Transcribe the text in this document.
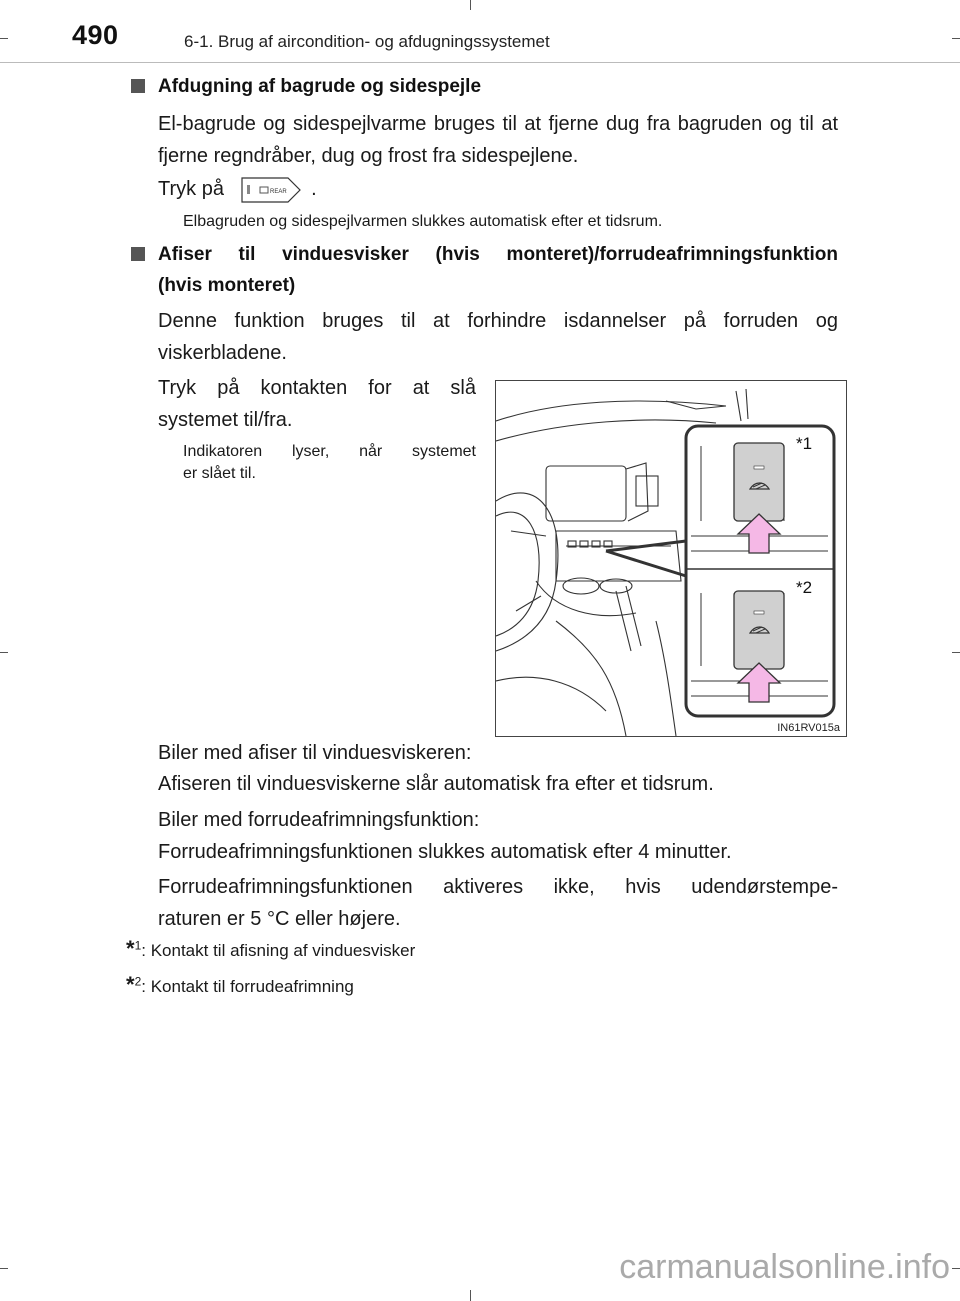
490	6-1. Brug af aircondition- og afdugningssystemet
Afdugning af bagrude og sidespejle
El-bagrude og sidespejlvarme bruges til at fjerne dug fra bagruden og til at fjerne regndråber, dug og frost fra sidespejlene.
Tryk på	REAR .
Elbagruden og sidespejlvarmen slukkes automatisk efter et tidsrum.
Afiser til vinduesvisker (hvis monteret)/forrudeafrimningsfunktion
(hvis monteret)
Denne funktion bruges til at forhindre isdannelser på forruden og
viskerbladene.
Tryk på kontakten for at slå
systemet til/fra.
Indikatoren lyser, når systemet
er slået til.
*1
*2
IN61RV015a
Biler med afiser til vinduesviskeren:
Afiseren til vinduesviskerne slår automatisk fra efter et tidsrum.
Biler med forrudeafrimningsfunktion:
Forrudeafrimningsfunktionen slukkes automatisk efter 4 minutter.
Forrudeafrimningsfunktionen aktiveres ikke, hvis udendørstempe-
raturen er 5 °C eller højere.
*$^1$: Kontakt til afisning af vinduesvisker
*$^2$: Kontakt til forrudeafrimning
carmanualsonline.info
